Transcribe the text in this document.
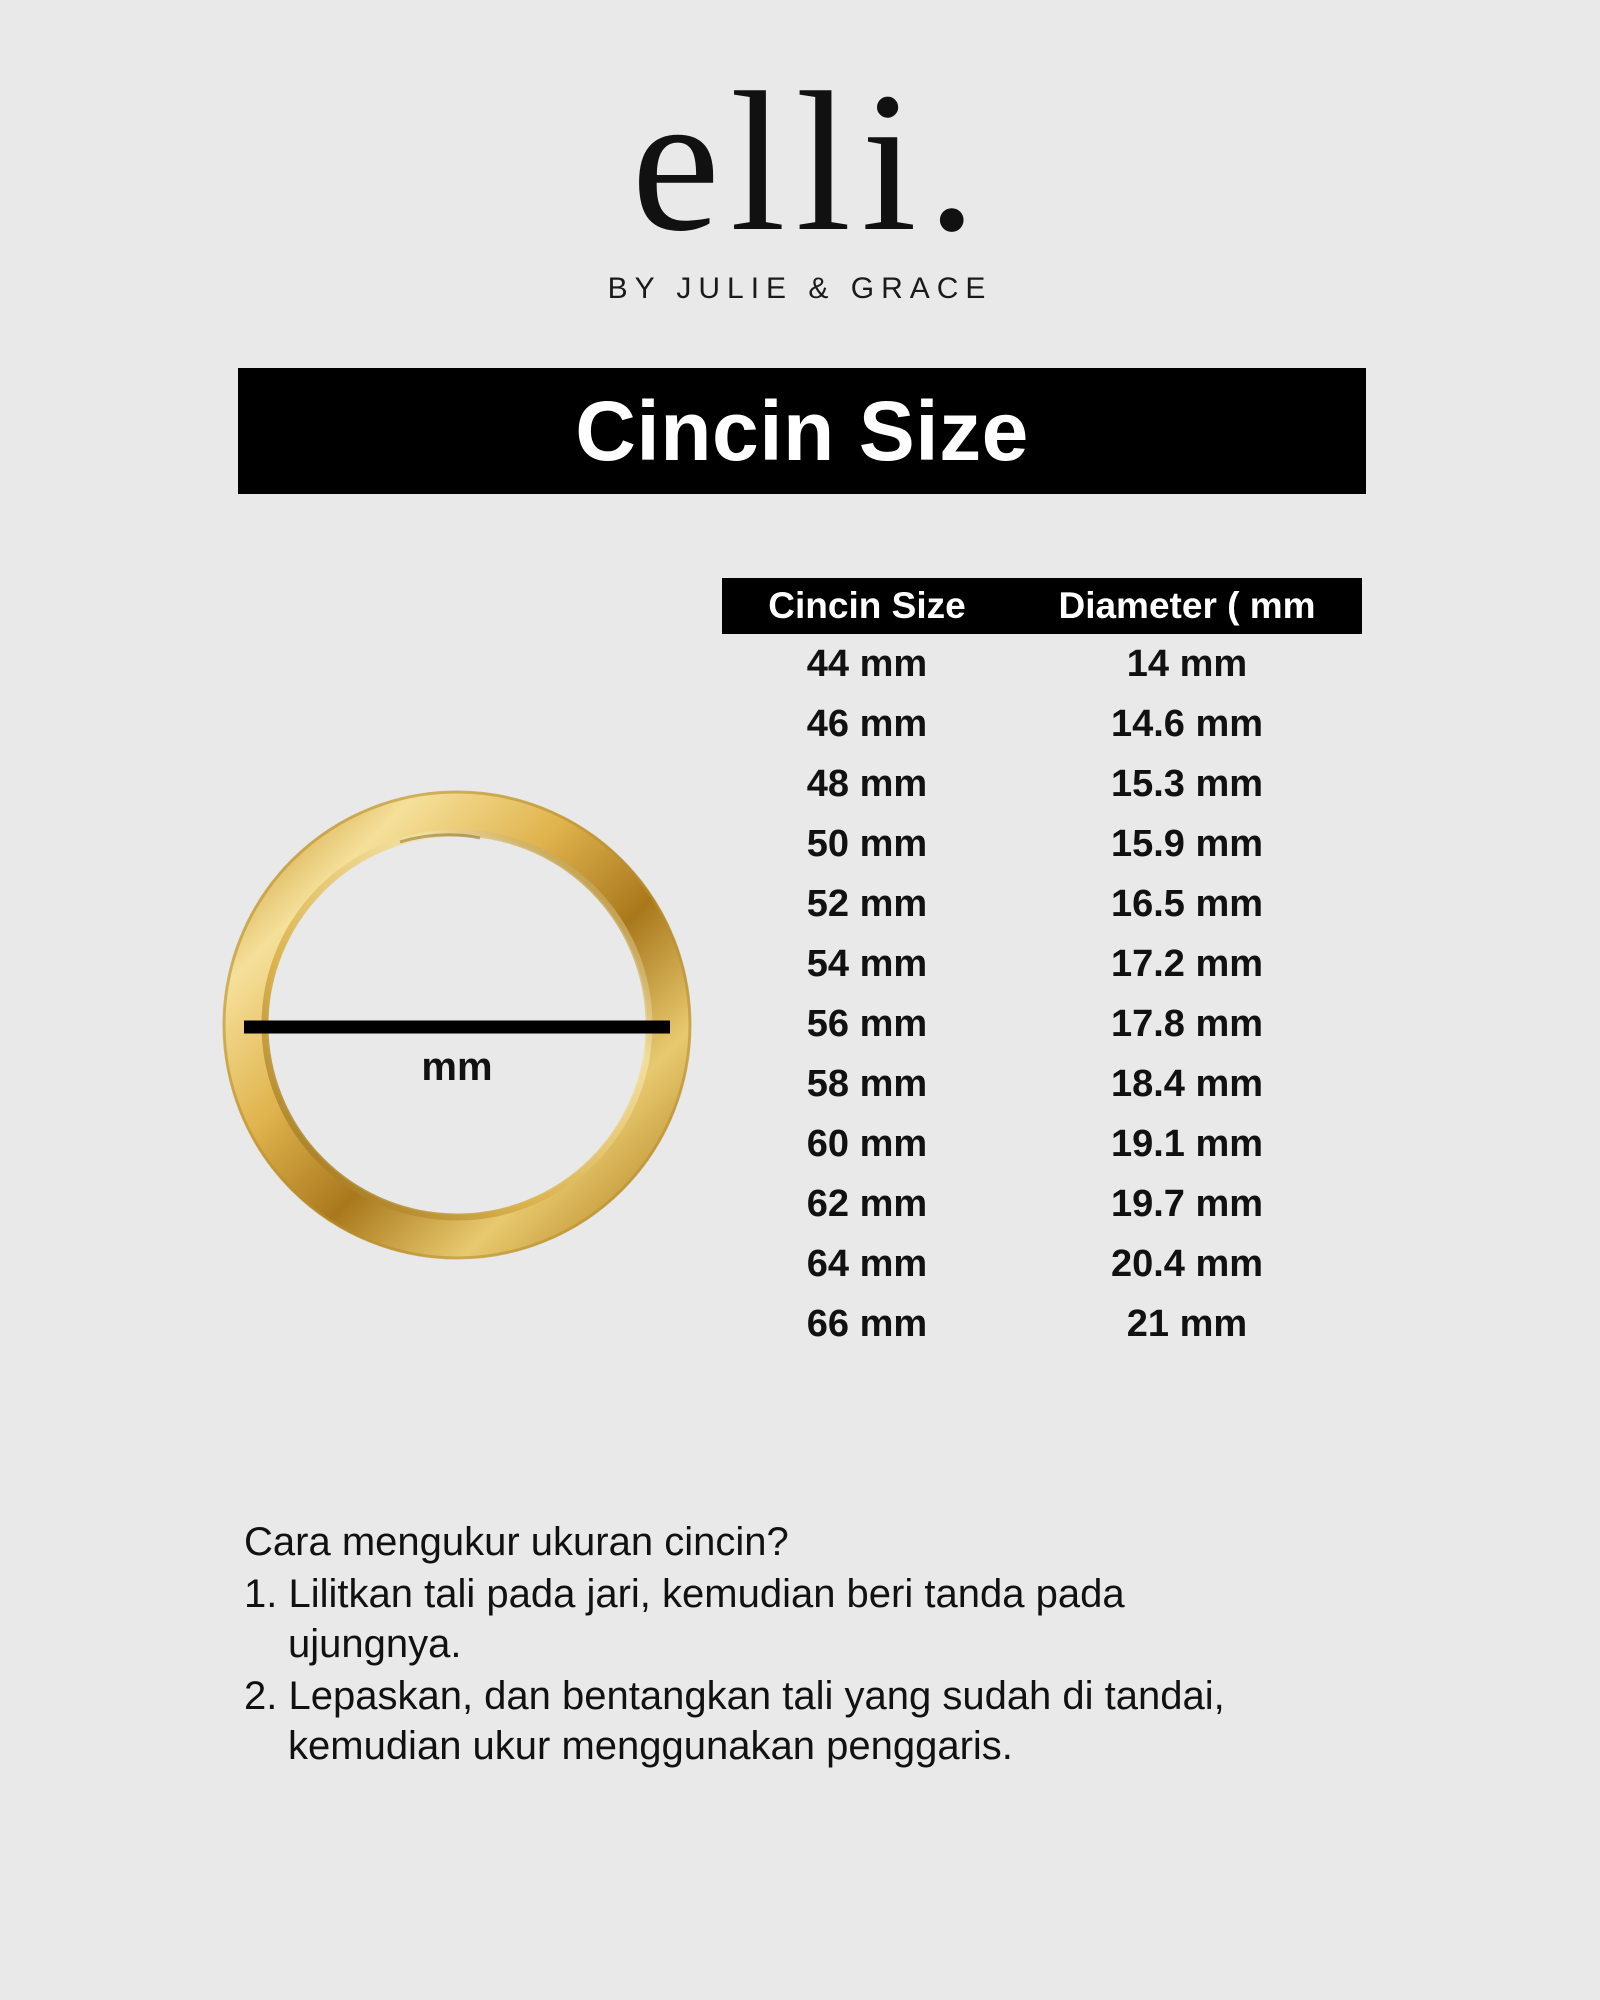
elli.
BY JULIE & GRACE
Cincin Size
mm
Cincin Size	Diameter ( mm
44 mm	14 mm
46 mm	14.6 mm
48 mm	15.3 mm
50 mm	15.9 mm
52 mm	16.5 mm
54 mm	17.2 mm
56 mm	17.8 mm
58 mm	18.4 mm
60 mm	19.1 mm
62 mm	19.7 mm
64 mm	20.4 mm
66 mm	21 mm
Cara mengukur ukuran cincin?
1. Lilitkan tali pada jari, kemudian beri tanda pada
ujungnya.
2. Lepaskan, dan bentangkan tali yang sudah di tandai,
kemudian ukur menggunakan penggaris.
